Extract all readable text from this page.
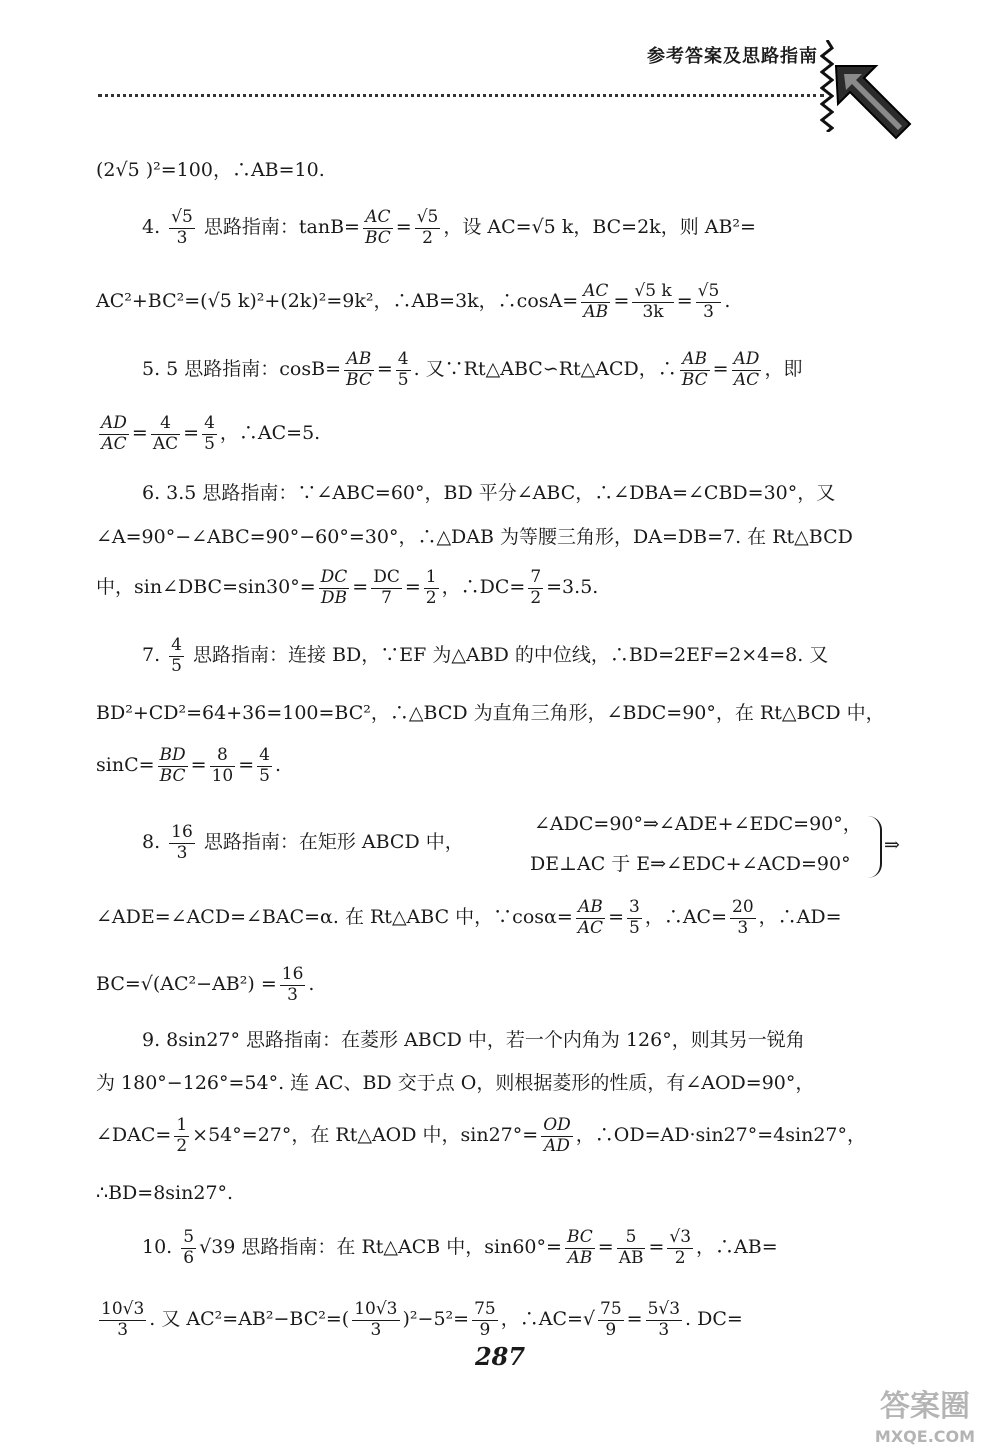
参考答案及思路指南
(2√5 )²=100，∴AB=10.
4. $\frac{√5}{3}$ 思路指南：$\tan B= \frac{AC}{BC} = \frac{√5}{2}$ ，设 AC=√5 k，BC=2k，则 AB²=
AC²+BC²=(√5 k)²+(2k)²=9k²，∴AB=3k，∴cosA= $\frac{AC}{AB} = \frac{√5 k}{3k} = \frac{√5}{3}$ .
5. 5 思路指南：$\cos B= \frac{AB}{BC} = \frac{4}{5}$ . 又∵Rt△ABC∽Rt△ACD，∴ $\frac{AB}{BC} = \frac{AD}{AC}$ ，即
$\frac{AD}{AC} = \frac{4}{AC} = \frac{4}{5}$ ，∴AC=5.
6. 3.5 思路指南：∵∠ABC=60°，BD 平分∠ABC，∴∠DBA=∠CBD=30°，又
∠A=90°−∠ABC=90°−60°=30°，∴△DAB 为等腰三角形，DA=DB=7. 在 Rt△BCD
中，sin∠DBC=sin30°= $\frac{DC}{DB} = \frac{DC}{7} = \frac{1}{2}$ ，∴DC= $\frac{7}{2} =3.5$.
7. $\frac{4}{5}$ 思路指南：连接 BD，∵EF 为△ABD 的中位线，∴BD=2EF=2×4=8. 又
BD²+CD²=64+36=100=BC²，∴△BCD 为直角三角形，∠BDC=90°，在 Rt△BCD 中，
$\sin C= \frac{BD}{BC} = \frac{8}{10} = \frac{4}{5}$ .
8. $\frac{16}{3}$ 思路指南：在矩形 ABCD 中，
∠ADC=90°⇒∠ADE+∠EDC=90°，
DE⊥AC 于 E⇒∠EDC+∠ACD=90°
⇒
∠ADE=∠ACD=∠BAC=α. 在 Rt△ABC 中，∵cosα= $\frac{AB}{AC} = \frac{3}{5}$ ，∴AC= $\frac{20}{3}$ ，∴AD=
$BC=√(AC^2-AB^2) = \frac{16}{3}$ .
9. 8sin27° 思路指南：在菱形 ABCD 中，若一个内角为 126°，则其另一锐角
为 180°−126°=54°. 连 AC、BD 交于点 O，则根据菱形的性质，有∠AOD=90°，
∠DAC= $\frac{1}{2} \times 54^\circ=27^\circ$，在 Rt△AOD 中，$\sin 27^\circ= \frac{OD}{AD}$ ，∴OD=AD·sin27°=4sin27°，
∴BD=8sin27°.
10. $\frac{5}{6} √39$ 思路指南：在 Rt△ACB 中，$\sin 60^\circ= \frac{BC}{AB} = \frac{5}{AB} = \frac{√3}{2}$ ，∴AB=
$\frac{10√3}{3}$ . 又 $AC^2=AB^2-BC^2=( \frac{10√3}{3} )^2-5^2= \frac{75}{9}$ ，∴AC=√ $\frac{75}{9} = \frac{5√3}{3}$ . DC=
287
答案圈
MXQE.COM
